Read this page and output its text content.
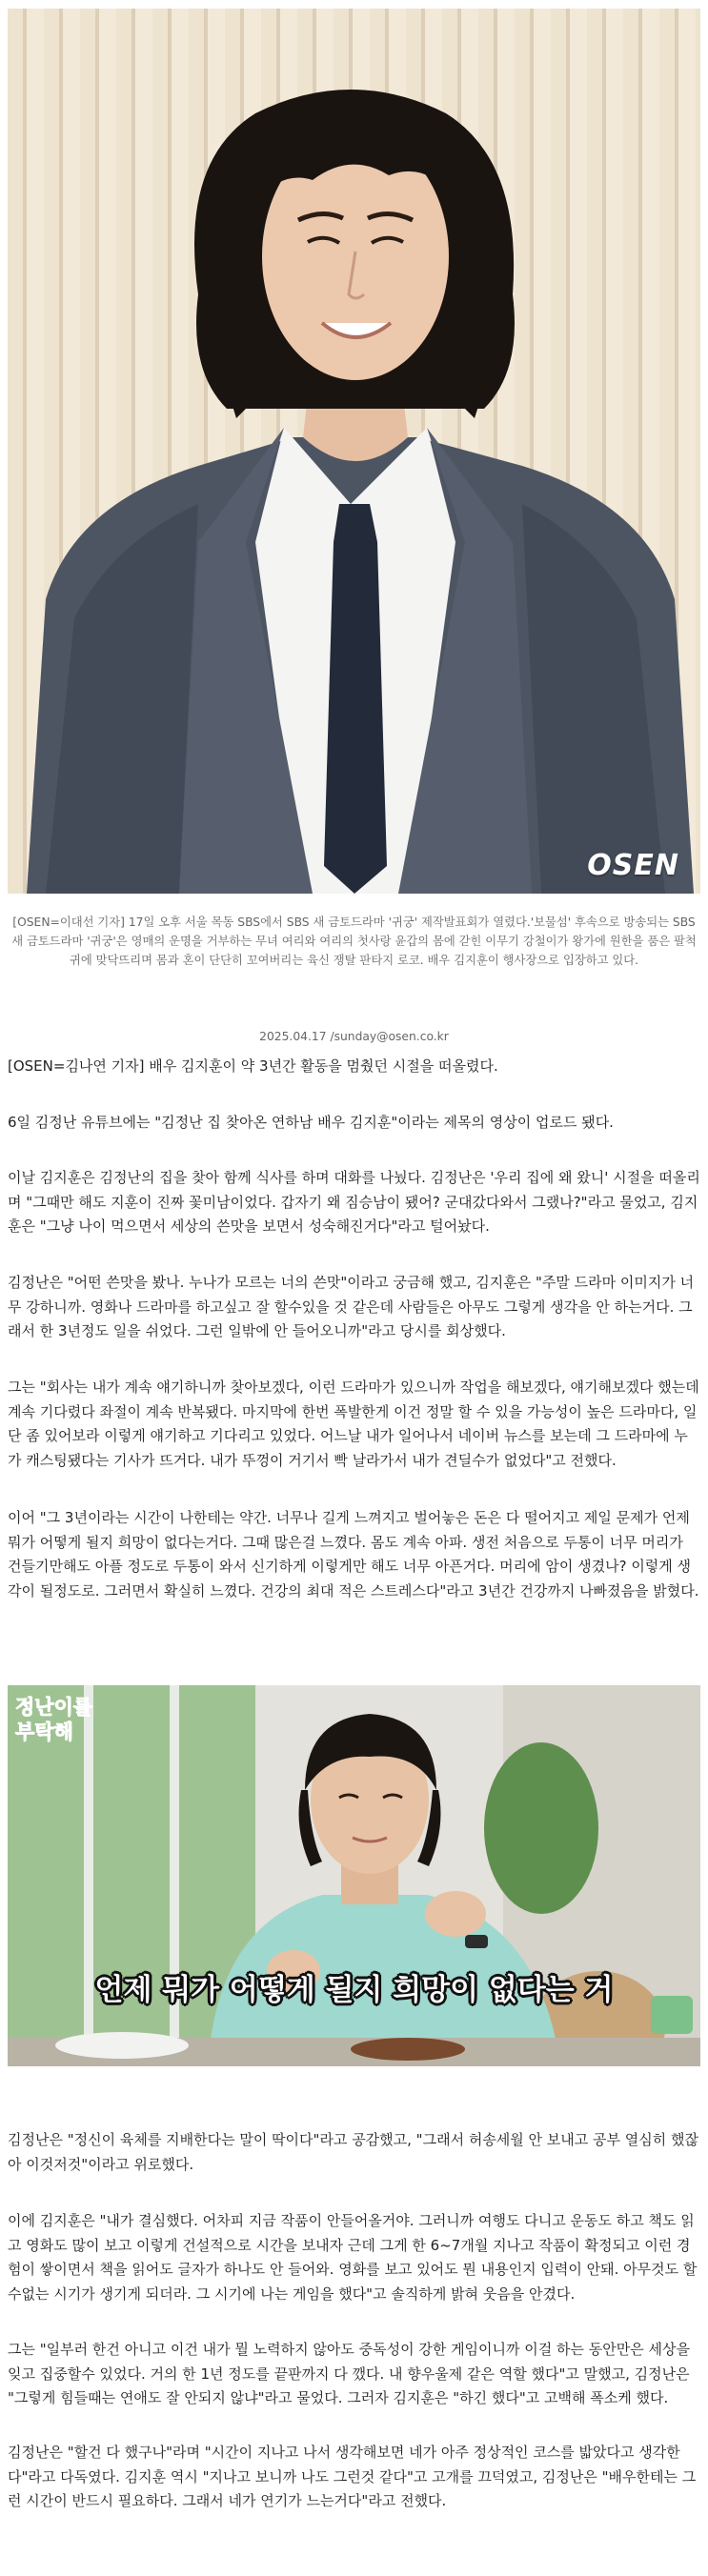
OSEN
[OSEN=이대선 기자] 17일 오후 서울 목동 SBS에서 SBS 새 금토드라마 '귀궁' 제작발표회가 열렸다.'보물섬' 후속으로 방송되는 SBS 새 금토드라마 '귀궁'은 영매의 운명을 거부하는 무녀 여리와 여리의 첫사랑 윤갑의 몸에 갇힌 이무기 강철이가 왕가에 원한을 품은 팔척귀에 맞닥뜨리며 몸과 혼이 단단히 꼬여버리는 육신 쟁탈 판타지 로코. 배우 김지훈이 행사장으로 입장하고 있다.
2025.04.17 /sunday@osen.co.kr

[OSEN=김나연 기자] 배우 김지훈이 약 3년간 활동을 멈췄던 시절을 떠올렸다.

6일 김정난 유튜브에는 "김정난 집 찾아온 연하남 배우 김지훈"이라는 제목의 영상이 업로드 됐다.

이날 김지훈은 김정난의 집을 찾아 함께 식사를 하며 대화를 나눴다. 김정난은 '우리 집에 왜 왔니' 시절을 떠올리며 "그때만 해도 지훈이 진짜 꽃미남이었다. 갑자기 왜 짐승남이 됐어? 군대갔다와서 그랬나?"라고 물었고, 김지훈은 "그냥 나이 먹으면서 세상의 쓴맛을 보면서 성숙해진거다"라고 털어놨다.

김정난은 "어떤 쓴맛을 봤나. 누나가 모르는 너의 쓴맛"이라고 궁금해 했고, 김지훈은 "주말 드라마 이미지가 너무 강하니까. 영화나 드라마를 하고싶고 잘 할수있을 것 같은데 사람들은 아무도 그렇게 생각을 안 하는거다. 그래서 한 3년정도 일을 쉬었다. 그런 일밖에 안 들어오니까"라고 당시를 회상했다.

그는 "회사는 내가 계속 얘기하니까 찾아보겠다, 이런 드라마가 있으니까 작업을 해보겠다, 얘기해보겠다 했는데 계속 기다렸다 좌절이 계속 반복됐다. 마지막에 한번 폭발한게 이건 정말 할 수 있을 가능성이 높은 드라마다, 일단 좀 있어보라 이렇게 얘기하고 기다리고 있었다. 어느날 내가 일어나서 네이버 뉴스를 보는데 그 드라마에 누가 캐스팅됐다는 기사가 뜨거다. 내가 뚜껑이 거기서 빡 날라가서 내가 견딜수가 없었다"고 전했다.

이어 "그 3년이라는 시간이 나한테는 약간. 너무나 길게 느껴지고 벌어놓은 돈은 다 떨어지고 제일 문제가 언제 뭐가 어떻게 될지 희망이 없다는거다. 그때 많은걸 느꼈다. 몸도 계속 아파. 생전 처음으로 두통이 너무 머리가 건들기만해도 아플 정도로 두통이 와서 신기하게 이렇게만 해도 너무 아픈거다. 머리에 암이 생겼나? 이렇게 생각이 될정도로. 그러면서 확실히 느꼈다. 건강의 최대 적은 스트레스다"라고 3년간 건강까지 나빠졌음을 밝혔다.

정난이를 부탁해
언제 뭐가 어떻게 될지 희망이 없다는 거

김정난은 "정신이 육체를 지배한다는 말이 딱이다"라고 공감했고, "그래서 허송세월 안 보내고 공부 열심히 했잖아 이것저것"이라고 위로했다.

이에 김지훈은 "내가 결심했다. 어차피 지금 작품이 안들어올거야. 그러니까 여행도 다니고 운동도 하고 책도 읽고 영화도 많이 보고 이렇게 건설적으로 시간을 보내자 근데 그게 한 6~7개월 지나고 작품이 확정되고 이런 경험이 쌓이면서 책을 읽어도 글자가 하나도 안 들어와. 영화를 보고 있어도 뭔 내용인지 입력이 안돼. 아무것도 할수없는 시기가 생기게 되더라. 그 시기에 나는 게임을 했다"고 솔직하게 밝혀 웃음을 안겼다.

그는 "일부러 한건 아니고 이건 내가 뭘 노력하지 않아도 중독성이 강한 게임이니까 이걸 하는 동안만은 세상을 잊고 집중할수 있었다. 거의 한 1년 정도를 끝판까지 다 깼다. 내 향우울제 같은 역할 했다"고 말했고, 김정난은 "그렇게 힘들때는 연애도 잘 안되지 않냐"라고 물었다. 그러자 김지훈은 "하긴 했다"고 고백해 폭소케 했다.

김정난은 "할건 다 했구나"라며 "시간이 지나고 나서 생각해보면 네가 아주 정상적인 코스를 밟았다고 생각한다"라고 다독였다. 김지훈 역시 "지나고 보니까 나도 그런것 같다"고 고개를 끄덕였고, 김정난은 "배우한테는 그런 시간이 반드시 필요하다. 그래서 네가 연기가 느는거다"라고 전했다.
